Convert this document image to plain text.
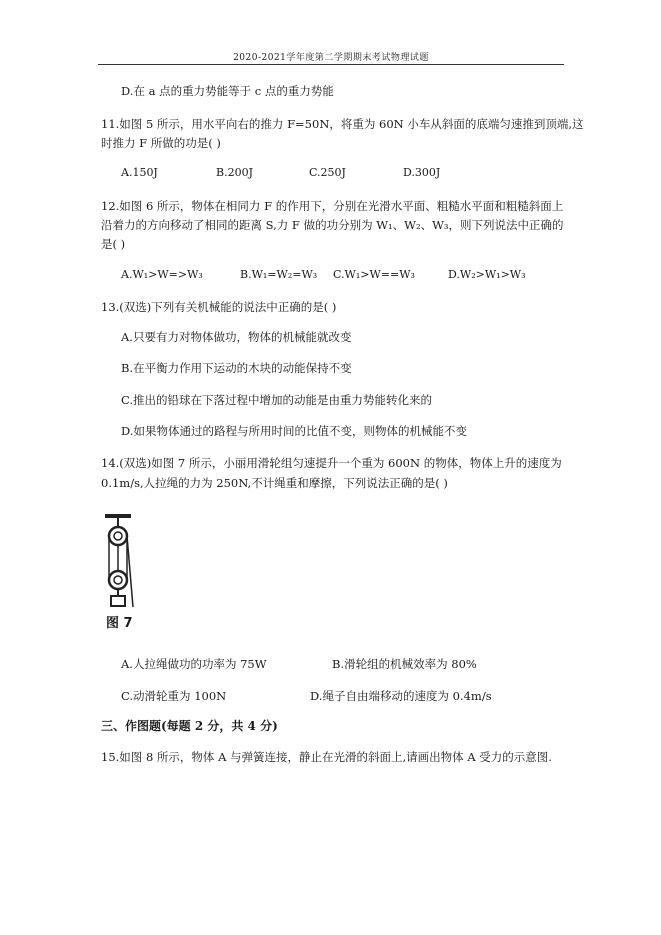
2020-2021学年度第二学期期末考试物理试题
D.在 a 点的重力势能等于 c 点的重力势能
11.如图 5 所示，用水平向右的推力 F=50N，将重为 60N 小车从斜面的底端匀速推到顶端,这
时推力 F 所做的功是( )
A.150J	B.200J	C.250J	D.300J
12.如图 6 所示，物体在相同力 F 的作用下，分别在光滑水平面、粗糙水平面和粗糙斜面上
沿着力的方向移动了相同的距离 S,力 F 做的功分别为 W₁、W₂、W₃，则下列说法中正确的
是( )
A.W₁>W=>W₃	B.W₁=W₂=W₃ C.W₁>W==W₃	D.W₂>W₁>W₃
13.(双选)下列有关机械能的说法中正确的是( )
A.只要有力对物体做功，物体的机械能就改变
B.在平衡力作用下运动的木块的动能保持不变
C.推出的铅球在下落过程中增加的动能是由重力势能转化来的
D.如果物体通过的路程与所用时间的比值不变，则物体的机械能不变
14.(双选)如图 7 所示，小丽用滑轮组匀速提升一个重为 600N 的物体，物体上升的速度为
0.1m/s,人拉绳的力为 250N,不计绳重和摩擦，下列说法正确的是( )
图 7
A.人拉绳做功的功率为 75W	B.滑轮组的机械效率为 80%
C.动滑轮重为 100N	D.绳子自由端移动的速度为 0.4m/s
三、作图题(每题 2 分，共 4 分)
15.如图 8 所示，物体 A 与弹簧连接，静止在光滑的斜面上,请画出物体 A 受力的示意图.
